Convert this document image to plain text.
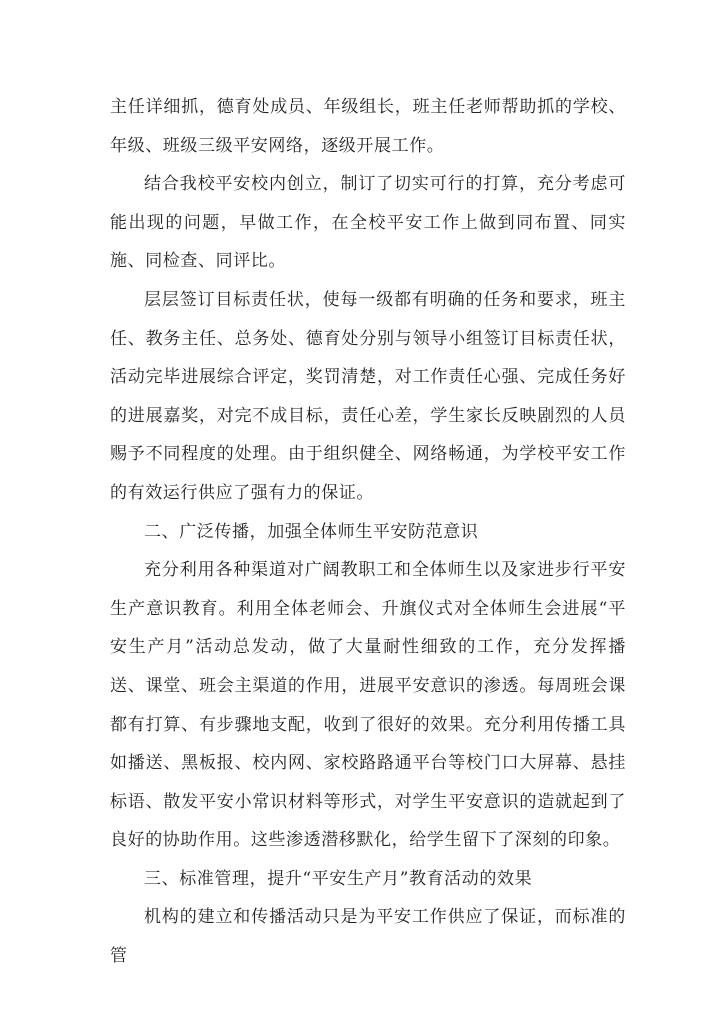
主任详细抓，德育处成员、年级组长，班主任老师帮助抓的学校、年级、班级三级平安网络，逐级开展工作。

结合我校平安校内创立，制订了切实可行的打算，充分考虑可能出现的问题，早做工作，在全校平安工作上做到同布置、同实施、同检查、同评比。

层层签订目标责任状，使每一级都有明确的任务和要求，班主任、教务主任、总务处、德育处分别与领导小组签订目标责任状，活动完毕进展综合评定，奖罚清楚，对工作责任心强、完成任务好的进展嘉奖，对完不成目标，责任心差，学生家长反映剧烈的人员赐予不同程度的处理。由于组织健全、网络畅通，为学校平安工作的有效运行供应了强有力的保证。

二、广泛传播，加强全体师生平安防范意识

充分利用各种渠道对广阔教职工和全体师生以及家进步行平安生产意识教育。利用全体老师会、升旗仪式对全体师生会进展“平安生产月”活动总发动，做了大量耐性细致的工作，充分发挥播送、课堂、班会主渠道的作用，进展平安意识的渗透。每周班会课都有打算、有步骤地支配，收到了很好的效果。充分利用传播工具如播送、黑板报、校内网、家校路路通平台等校门口大屏幕、悬挂标语、散发平安小常识材料等形式，对学生平安意识的造就起到了良好的协助作用。这些渗透潜移默化，给学生留下了深刻的印象。

三、标准管理，提升“平安生产月”教育活动的效果

机构的建立和传播活动只是为平安工作供应了保证，而标准的管
